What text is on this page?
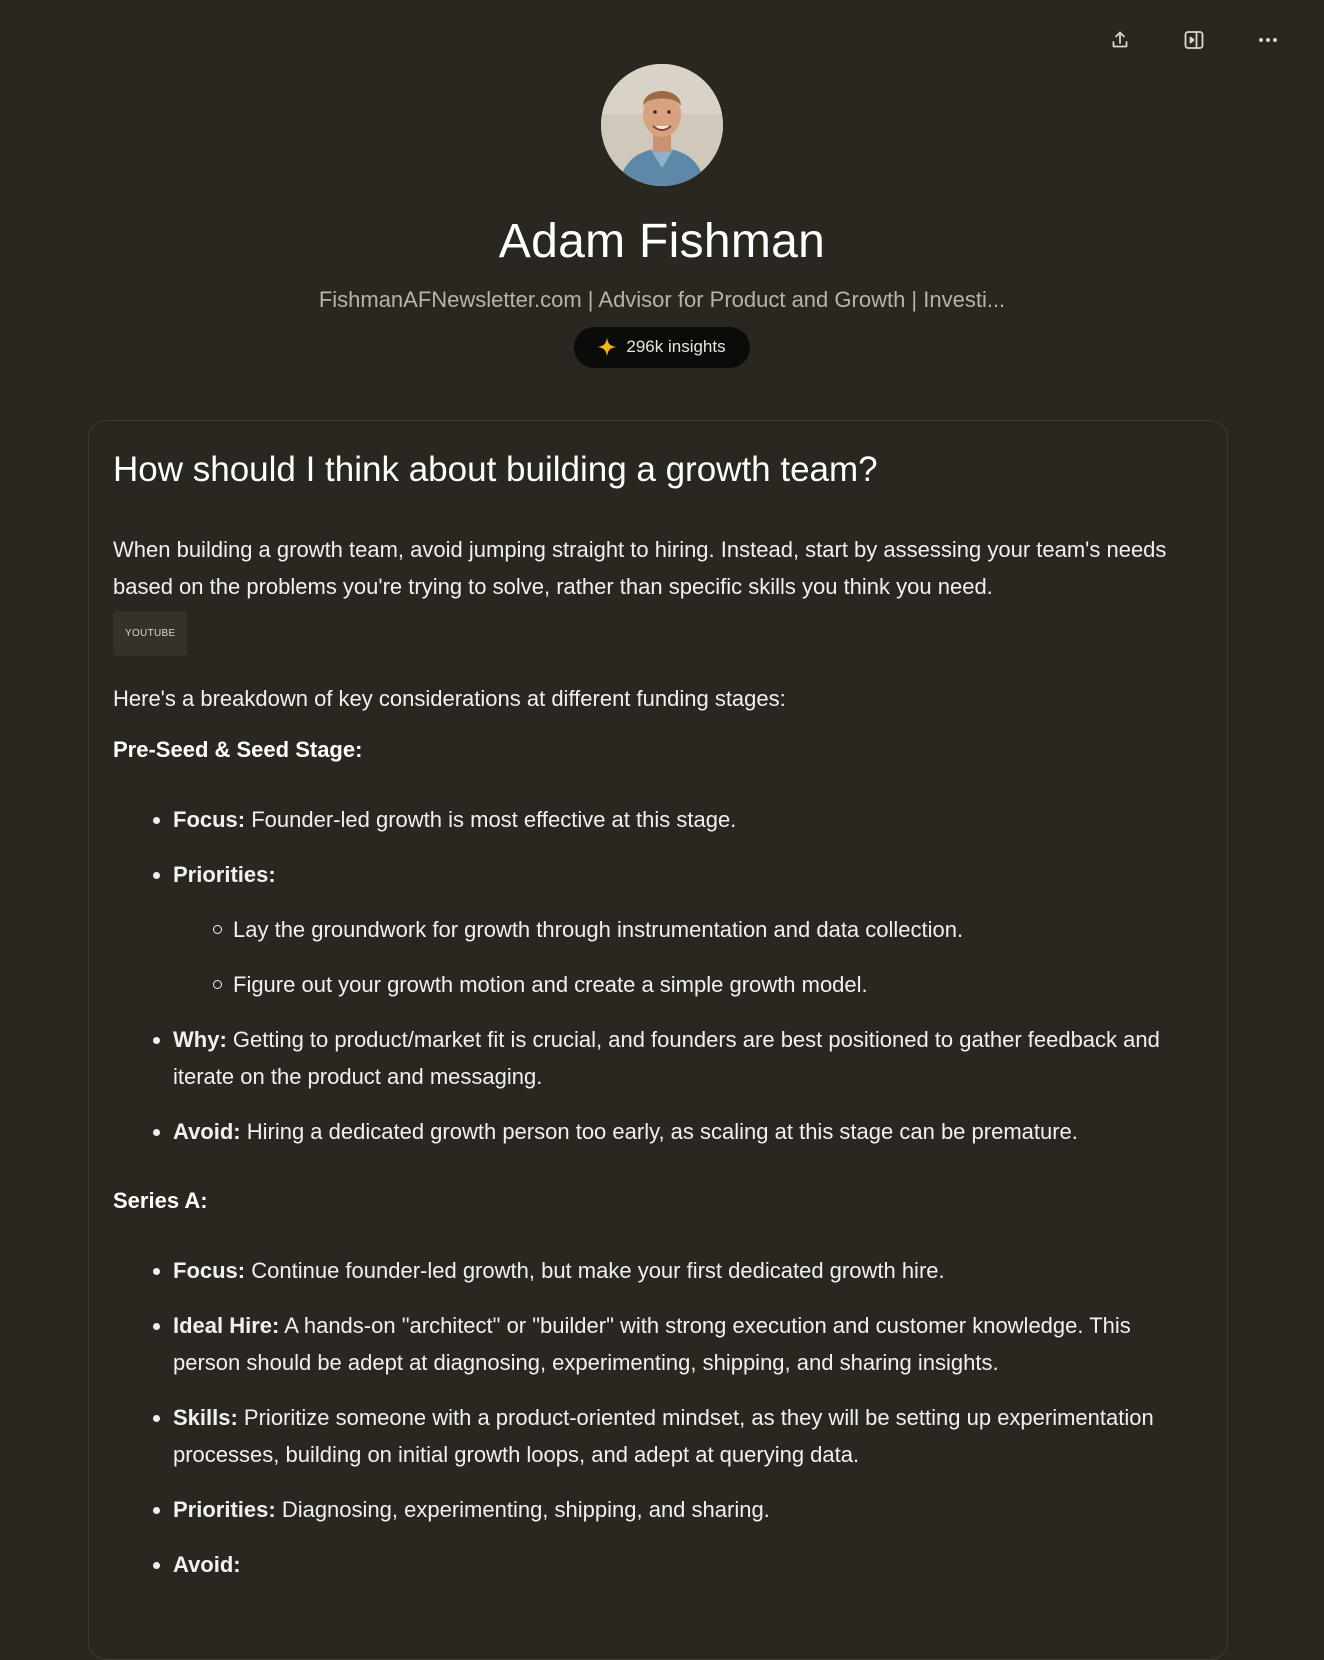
Adam Fishman
FishmanAFNewsletter.com | Advisor for Product and Growth | Investi...
296k insights
How should I think about building a growth team?

When building a growth team, avoid jumping straight to hiring. Instead, start by assessing your team's needs based on the problems you're trying to solve, rather than specific skills you think you need.
YOUTUBE

Here's a breakdown of key considerations at different funding stages:

Pre-Seed & Seed Stage:
Focus: Founder-led growth is most effective at this stage.
Priorities:
Lay the groundwork for growth through instrumentation and data collection.
Figure out your growth motion and create a simple growth model.
Why: Getting to product/market fit is crucial, and founders are best positioned to gather feedback and iterate on the product and messaging.
Avoid: Hiring a dedicated growth person too early, as scaling at this stage can be premature.
Series A:
Focus: Continue founder-led growth, but make your first dedicated growth hire.
Ideal Hire: A hands-on "architect" or "builder" with strong execution and customer knowledge. This person should be adept at diagnosing, experimenting, shipping, and sharing insights.
Skills: Prioritize someone with a product-oriented mindset, as they will be setting up experimentation processes, building on initial growth loops, and adept at querying data.
Priorities: Diagnosing, experimenting, shipping, and sharing.
Avoid:
